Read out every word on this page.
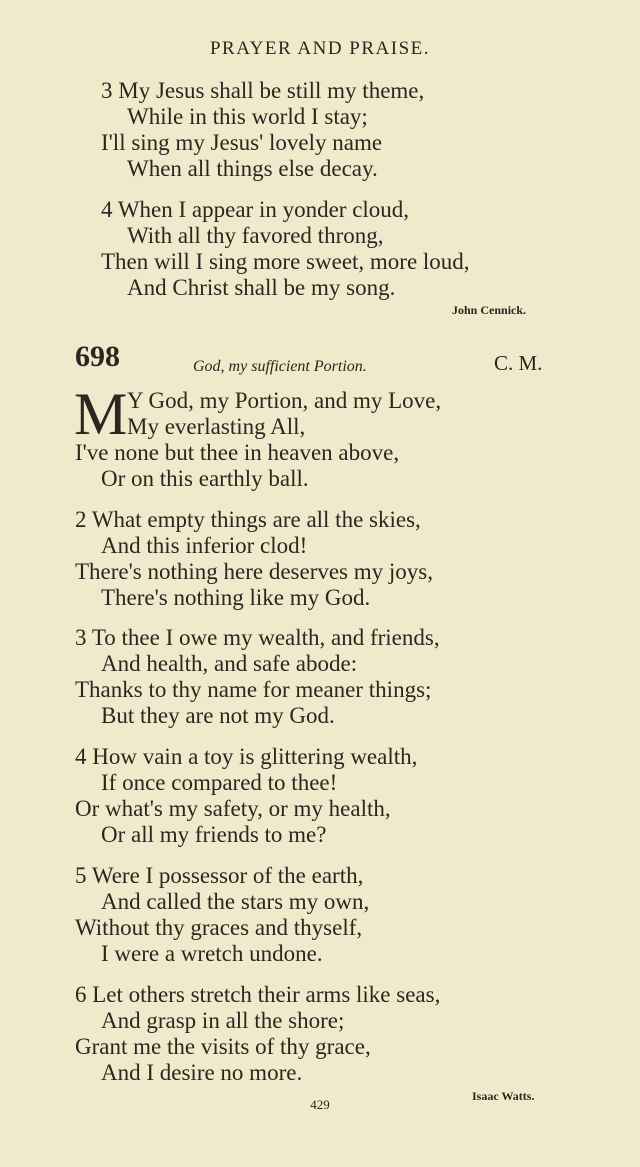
PRAYER AND PRAISE.
3 My Jesus shall be still my theme,
While in this world I stay;
I'll sing my Jesus' lovely name
When all things else decay.
4 When I appear in yonder cloud,
With all thy favored throng,
Then will I sing more sweet, more loud,
And Christ shall be my song.
John Cennick.
698	God, my sufficient Portion.	C. M.
M Y God, my Portion, and my Love,
My everlasting All,
I've none but thee in heaven above,
Or on this earthly ball.
2 What empty things are all the skies,
And this inferior clod!
There's nothing here deserves my joys,
There's nothing like my God.
3 To thee I owe my wealth, and friends,
And health, and safe abode:
Thanks to thy name for meaner things;
But they are not my God.
4 How vain a toy is glittering wealth,
If once compared to thee!
Or what's my safety, or my health,
Or all my friends to me?
5 Were I possessor of the earth,
And called the stars my own,
Without thy graces and thyself,
I were a wretch undone.
6 Let others stretch their arms like seas,
And grasp in all the shore;
Grant me the visits of thy grace,
And I desire no more.
Isaac Watts.
429
